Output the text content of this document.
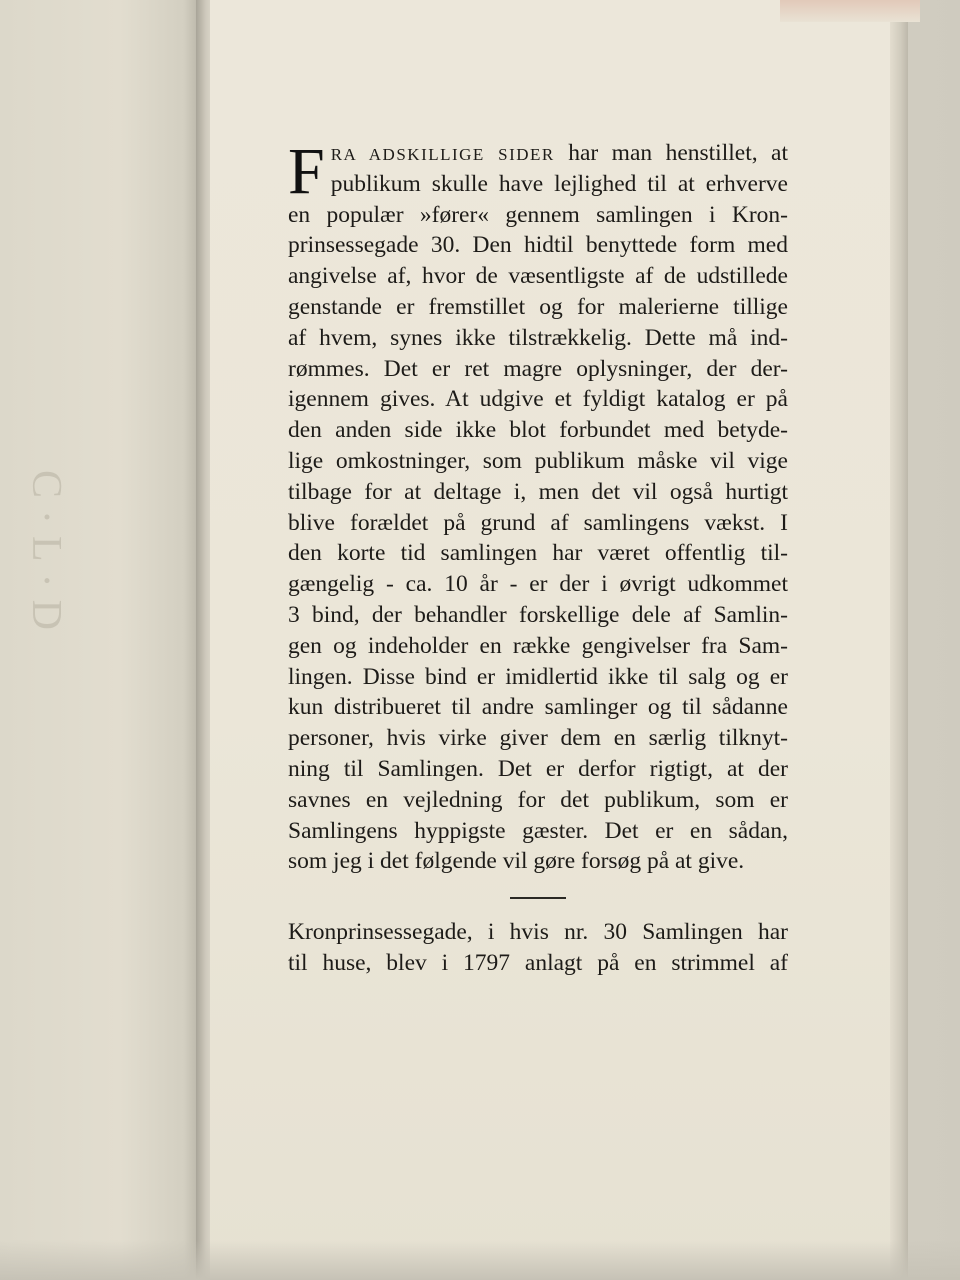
C·L·D
F RA ADSKILLIGE SIDER har man henstillet, at
publikum skulle have lejlighed til at erhverve
en populær »fører« gennem samlingen i Kron-
prinsessegade 30. Den hidtil benyttede form med
angivelse af, hvor de væsentligste af de udstillede
genstande er fremstillet og for malerierne tillige
af hvem, synes ikke tilstrækkelig. Dette må ind-
rømmes. Det er ret magre oplysninger, der der-
igennem gives. At udgive et fyldigt katalog er på
den anden side ikke blot forbundet med betyde-
lige omkostninger, som publikum måske vil vige
tilbage for at deltage i, men det vil også hurtigt
blive forældet på grund af samlingens vækst. I
den korte tid samlingen har været offentlig til-
gængelig - ca. 10 år - er der i øvrigt udkommet
3 bind, der behandler forskellige dele af Samlin-
gen og indeholder en række gengivelser fra Sam-
lingen. Disse bind er imidlertid ikke til salg og er
kun distribueret til andre samlinger og til sådanne
personer, hvis virke giver dem en særlig tilknyt-
ning til Samlingen. Det er derfor rigtigt, at der
savnes en vejledning for det publikum, som er
Samlingens hyppigste gæster. Det er en sådan,
som jeg i det følgende vil gøre forsøg på at give.
Kronprinsessegade, i hvis nr. 30 Samlingen har
til huse, blev i 1797 anlagt på en strimmel af
